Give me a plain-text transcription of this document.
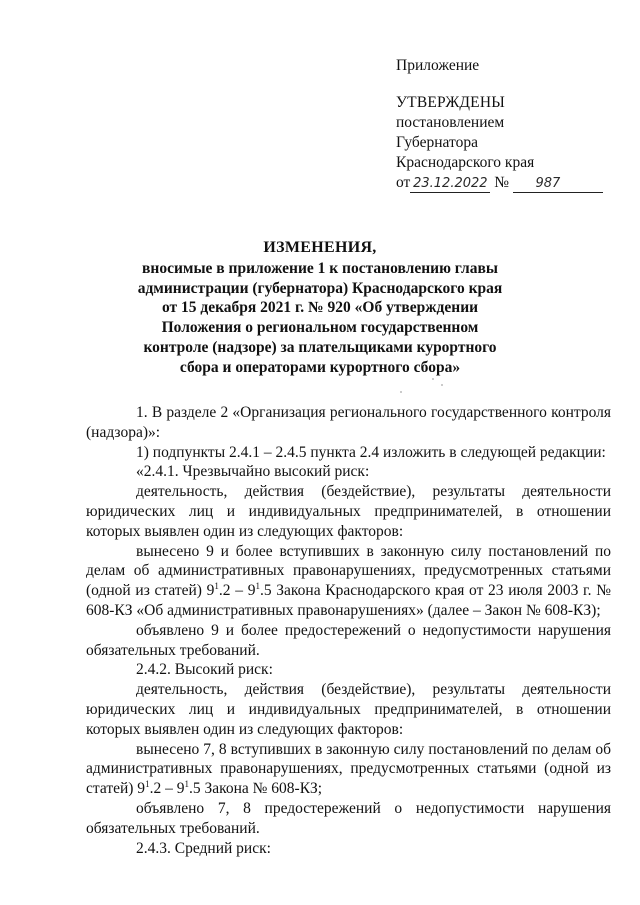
Приложение
УТВЕРЖДЕНЫ
постановлением
Губернатора
Краснодарского края
от 23.12.2022 № 987
ИЗМЕНЕНИЯ,
вносимые в приложение 1 к постановлению главы
администрации (губернатора) Краснодарского края
от 15 декабря 2021 г. № 920 «Об утверждении
Положения о региональном государственном
контроле (надзоре) за плательщиками курортного
сбора и операторами курортного сбора»

1. В разделе 2 «Организация регионального государственного контроля (надзора)»:

1) подпункты 2.4.1 – 2.4.5 пункта 2.4 изложить в следующей редакции:

«2.4.1. Чрезвычайно высокий риск:

деятельность, действия (бездействие), результаты деятельности юридических лиц и индивидуальных предпринимателей, в отношении которых выявлен один из следующих факторов:

вынесено 9 и более вступивших в законную силу постановлений по делам об административных правонарушениях, предусмотренных статьями (одной из статей) $9^1.2 - 9^1.5$ Закона Краснодарского края от 23 июля 2003 г. № 608-КЗ «Об административных правонарушениях» (далее – Закон № 608-КЗ);

объявлено 9 и более предостережений о недопустимости нарушения обязательных требований.

2.4.2. Высокий риск:

деятельность, действия (бездействие), результаты деятельности юридических лиц и индивидуальных предпринимателей, в отношении которых выявлен один из следующих факторов:

вынесено 7, 8 вступивших в законную силу постановлений по делам об административных правонарушениях, предусмотренных статьями (одной из статей) $9^1.2 - 9^1.5$ Закона № 608-КЗ;

объявлено 7, 8 предостережений о недопустимости нарушения обязательных требований.

2.4.3. Средний риск:
